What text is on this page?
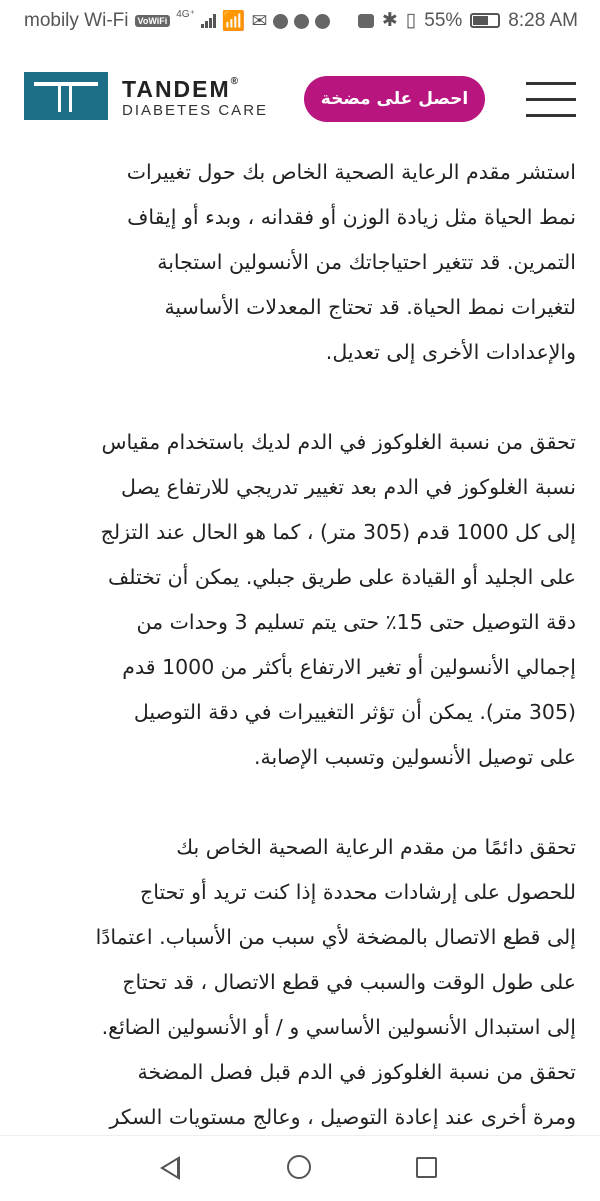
mobily Wi-Fi	VoWiFi
4G⁺ 📶 ✉	✱ ▯ 55% 8:28 AM
TANDEM®
DIABETES CARE
احصل على مضخة

استشر مقدم الرعاية الصحية الخاص بك حول تغييرات
نمط الحياة مثل زيادة الوزن أو فقدانه ، وبدء أو إيقاف
التمرين. قد تتغير احتياجاتك من الأنسولين استجابة
لتغيرات نمط الحياة. قد تحتاج المعدلات الأساسية
والإعدادات الأخرى إلى تعديل.

تحقق من نسبة الغلوكوز في الدم لديك باستخدام مقياس
نسبة الغلوكوز في الدم بعد تغيير تدريجي للارتفاع يصل
إلى كل 1000 قدم (305 متر) ، كما هو الحال عند التزلج
على الجليد أو القيادة على طريق جبلي. يمكن أن تختلف
دقة التوصيل حتى 15٪ حتى يتم تسليم 3 وحدات من
إجمالي الأنسولين أو تغير الارتفاع بأكثر من 1000 قدم
(305 متر). يمكن أن تؤثر التغييرات في دقة التوصيل
على توصيل الأنسولين وتسبب الإصابة.

تحقق دائمًا من مقدم الرعاية الصحية الخاص بك
للحصول على إرشادات محددة إذا كنت تريد أو تحتاج
إلى قطع الاتصال بالمضخة لأي سبب من الأسباب. اعتمادًا
على طول الوقت والسبب في قطع الاتصال ، قد تحتاج
إلى استبدال الأنسولين الأساسي و / أو الأنسولين الضائع.
تحقق من نسبة الغلوكوز في الدم قبل فصل المضخة
ومرة أخرى عند إعادة التوصيل ، وعالج مستويات السكر
